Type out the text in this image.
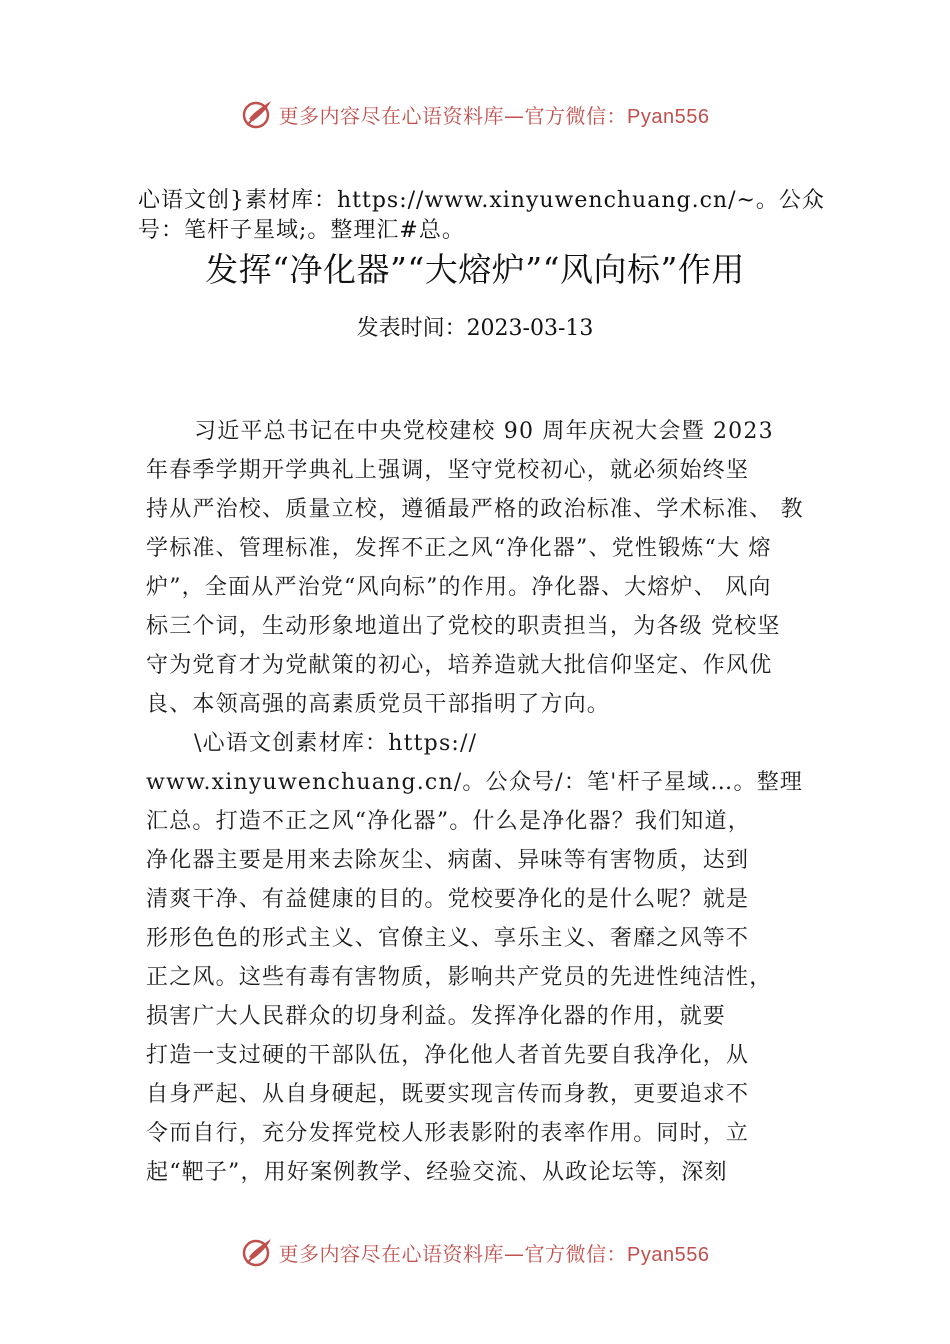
更多内容尽在心语资料库—官方微信：Pyan556
心语文创}素材库：https://www.xinyuwenchuang.cn/~。公众
号：笔杆子星域;。整理汇#总。
发挥“净化器”“大熔炉”“风向标”作用
发表时间：2023-03-13
习近平总书记在中央党校建校 90 周年庆祝大会暨 2023
年春季学期开学典礼上强调，坚守党校初心，就必须始终坚
持从严治校、质量立校，遵循最严格的政治标准、学术标准、 教
学标准、管理标准，发挥不正之风“净化器”、党性锻炼“大 熔
炉”，全面从严治党“风向标”的作用。净化器、大熔炉、 风向
标三个词，生动形象地道出了党校的职责担当，为各级 党校坚
守为党育才为党献策的初心，培养造就大批信仰坚定、作风优
良、本领高强的高素质党员干部指明了方向。
\心语文创素材库：https://
www.xinyuwenchuang.cn/。公众号/：笔'杆子星域…。整理
汇总。打造不正之风“净化器”。什么是净化器？我们知道，
净化器主要是用来去除灰尘、病菌、异味等有害物质，达到
清爽干净、有益健康的目的。党校要净化的是什么呢？就是
形形色色的形式主义、官僚主义、享乐主义、奢靡之风等不
正之风。这些有毒有害物质，影响共产党员的先进性纯洁性，
损害广大人民群众的切身利益。发挥净化器的作用，就要
打造一支过硬的干部队伍，净化他人者首先要自我净化，从
自身严起、从自身硬起，既要实现言传而身教，更要追求不
令而自行，充分发挥党校人形表影附的表率作用。同时，立
起“靶子”，用好案例教学、经验交流、从政论坛等，深刻
更多内容尽在心语资料库—官方微信：Pyan556
